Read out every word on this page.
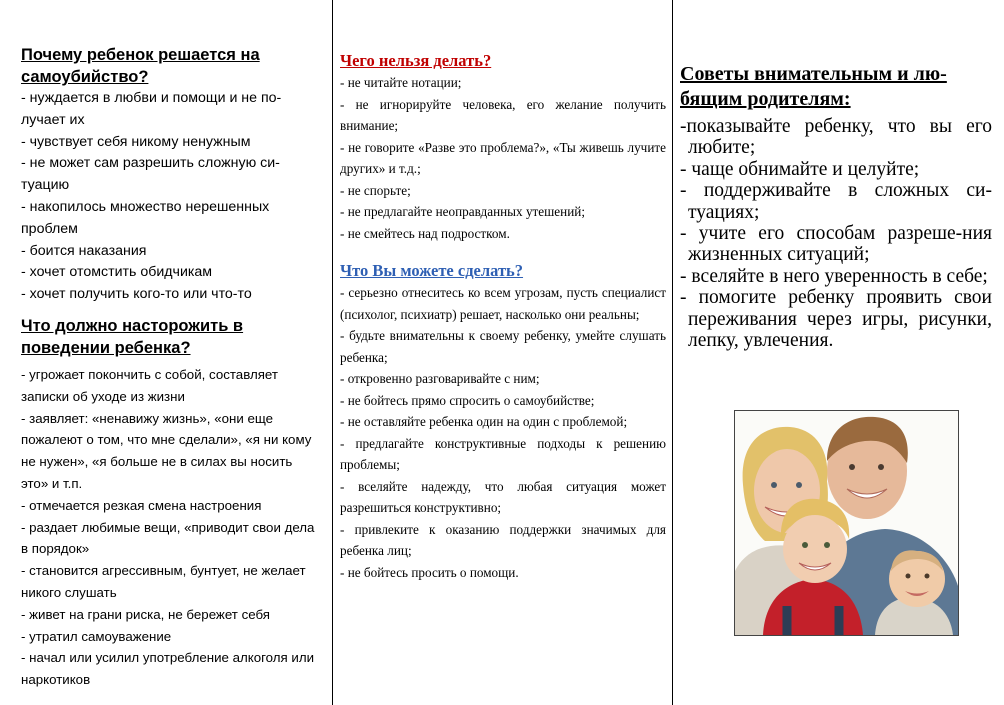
Почему ребенок решается на самоубийство?
- нуждается в любви и помощи и не по-лучает их
- чувствует себя никому ненужным
- не может сам разрешить сложную си-туацию
- накопилось множество нерешенных проблем
- боится наказания
- хочет отомстить обидчикам
- хочет получить кого-то или что-то
Что должно насторожить в поведении ребенка?
- угрожает покончить с собой, составляет записки об уходе из жизни
- заявляет: «ненавижу жизнь», «они еще пожалеют о том, что мне сделали», «я ни кому не нужен», «я больше не в силах вы носить это» и т.п.
- отмечается резкая смена настроения
- раздает любимые вещи, «приводит свои дела в порядок»
- становится агрессивным, бунтует, не желает никого слушать
- живет на грани риска, не бережет себя
- утратил самоуважение
- начал или усилил употребление алкоголя или наркотиков
Чего нельзя делать?
- не читайте нотации;
- не игнорируйте человека, его желание получить внимание;
- не говорите «Разве это проблема?», «Ты живешь лучите других» и т.д.;
- не спорьте;
- не предлагайте неоправданных утешений;
- не смейтесь над подростком.
Что Вы можете сделать?
- серьезно отнеситесь ко всем угрозам, пусть специалист (психолог, психиатр) решает, насколько они реальны;
- будьте внимательны к своему ребенку, умейте слушать ребенка;
- откровенно разговаривайте с ним;
- не бойтесь прямо спросить о самоубийстве;
- не оставляйте ребенка один на один с проблемой;
- предлагайте конструктивные подходы к решению проблемы;
- вселяйте надежду, что любая ситуация может разрешиться конструктивно;
- привлеките к оказанию поддержки значимых для ребенка лиц;
- не бойтесь просить о помощи.
Советы внимательным и лю-бящим родителям:
-показывайте ребенку, что вы его любите;
- чаще обнимайте и целуйте;
- поддерживайте в сложных си-туациях;
- учите его способам разреше-ния жизненных ситуаций;
- вселяйте в него уверенность в себе;
- помогите ребенку проявить свои переживания через игры, рисунки, лепку, увлечения.
